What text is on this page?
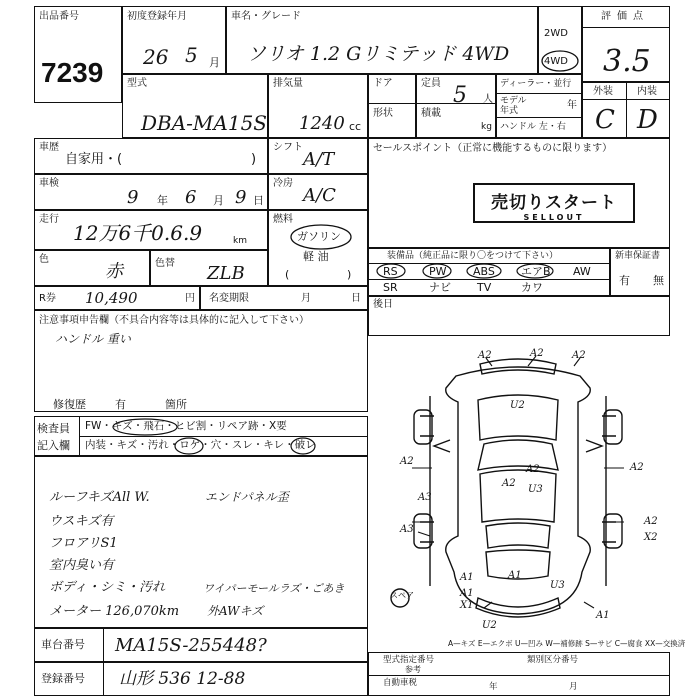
出品番号
7239
初度登録年月
26 5 月
車名・グレード
ソリオ 1.2 Gリミテッド 4WD
2WD
4WD
評価点
3.5
外装 内装
C D
型式
DBA-MA15S
排気量
1240 cc
ドア
形状
定員 5 人
積載
kg
ディーラー・並行
モデル
年式	年
ハンドル 左・右
車歴
自家用・(	)
シフト
A/T
セールスポイント（正常に機能するものに限ります）
売切りスタート
SELLOUT
車検
9 年 6 月 9 日
冷房
A/C
走行
12万6千0.6.9	km
燃料
ガソリン
軽 油
(	)
色
赤	色替 ZLB
装備品（純正品に限り〇をつけて下さい）
RS	PW ABS エアB AW
SR	ナビ TV	カワ
新車保証書
有 無
R券 10,490	円 名変期限	月	日
後日
注意事項申告欄（不具合内容等は具体的に記入して下さい）
ハンドル 重い
修復歴	有	箇所
検査員
記入欄
FW・キズ・飛石・ヒビ割・リペア跡・X要
内装・キズ・汚れ・ロゲ・穴・スレ・キレ・破レ
ルーフキズAll W.
ウスキズ有
フロアリS1
室内臭い有
ボディ・シミ・汚れ
メーター 126,070km
エンドパネル歪
ワイパーモールラズ・ごあき
外AWキズ
A2	A2	A2
U2
A2
A2
A2
A2
U3
A3
A3
A2
X2
A1	A1
U3
A1
X1
U2
A1
スペア
A—キズ E—エクボ U—凹み W—補修跡 S—サビ C—腐食 XX—交換済
車台番号 MA15S-255448?
登録番号 山形 536 12-88
型式指定番号	類別区分番号
参考
自動車税	年	月
